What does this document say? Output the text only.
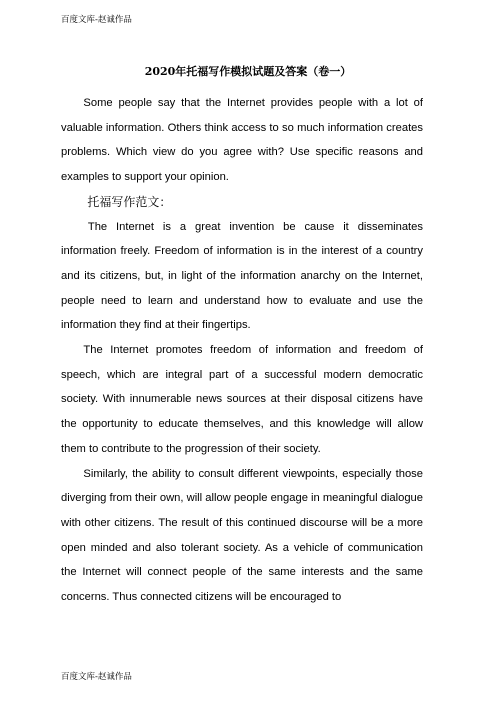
百度文库-赵诚作品
2020年托福写作模拟试题及答案（卷一）

Some people say that the Internet provides people with a lot of valuable information. Others think access to so much information creates problems. Which view do you agree with? Use specific reasons and examples to support your opinion.

托福写作范文：

The Internet is a great invention be cause it disseminates information freely. Freedom of information is in the interest of a country and its citizens, but, in light of the information anarchy on the Internet, people need to learn and understand how to evaluate and use the information they find at their fingertips.

The Internet promotes freedom of information and freedom of speech, which are integral part of a successful modern democratic society. With innumerable news sources at their disposal citizens have the opportunity to educate themselves, and this knowledge will allow them to contribute to the progression of their society.

Similarly, the ability to consult different viewpoints, especially those diverging from their own, will allow people engage in meaningful dialogue with other citizens. The result of this continued discourse will be a more open minded and also tolerant society. As a vehicle of communication the Internet will connect people of the same interests and the same concerns. Thus connected citizens will be encouraged to

百度文库-赵诚作品
